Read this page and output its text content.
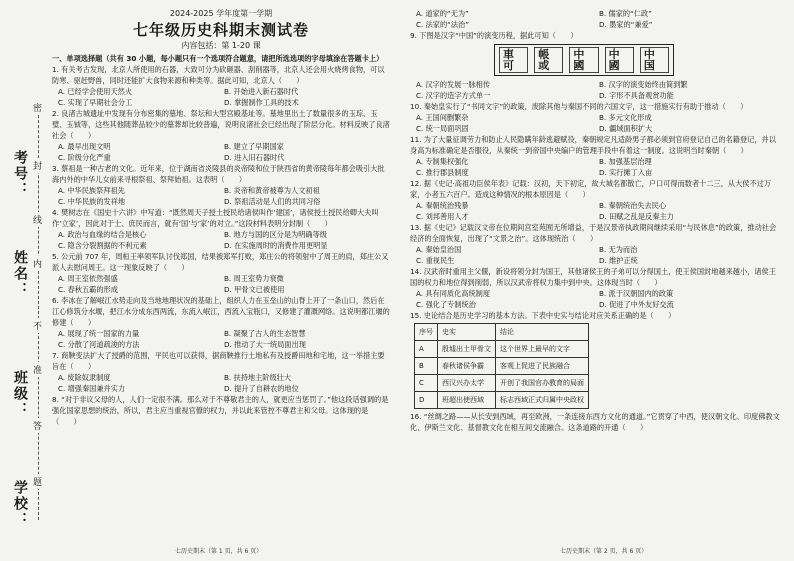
考号：
姓名：
班级：
学校：
密
封
线
内
不
准
答
题
2024-2025 学年度第一学期
七年级历史科期末测试卷
内容包括：第 1-20 课
一、单项选择题（共有 30 小题，每小题只有一个选项符合题意，请把所选选项的字母填涂在答题卡上）

1. 有关考古发现，北京人所使用的石器，大致可分为砍砸器、刮削器等，北京人还会用火烧烤食物，可以防寒、驱赶野兽，同时还能扩大食物来源和种类等。据此可知，北京人（　　）

A. 已经学会使用天然火	B. 开始进入新石器时代
C. 实现了早期社会分工	D. 掌握制作工具的技术

2. 良渚古城遗址中发现有分布密集的墓地、祭坛和大型宫殿基址等。墓地里出土了数量很多的玉琮、玉璧、玉钺等，这些其他随葬品较少的墓葬却比较普遍，说明良渚社会已经出现了阶层分化。材料反映了良渚社会（　　）

A. 最早出现文明	B. 建立了早期国家
C. 阶级分化严重	D. 进入旧石器时代

3. 蔡祖是一种古老的文化。近年来，位于湖南省炎陵县的炎帝陵和位于陕西省的黄帝陵每年都会吸引大批海内外的中华儿女前来寻根祭祖、祭拜始祖。这表明（　　）

A. 中华民族祭拜祖先	B. 炎帝和黄帝被尊为人文初祖
C. 中华民族的发祥地	D. 祭祖活动是人们的共同习俗

4. 樊树志在《国史十六讲》中写道：“既然周天子授土授民给诸侯叫作‘建国’，诸侯授土授民给卿大夫叫作‘立家’，因此对于士、庶民而言，就有‘国’与‘家’的对立。”这段材料表明分封制（　　）

A. 政治与血缘的结合是核心	B. 地方与国的区分是为明确等级
C. 隐含分裂割据的不利元素	D. 在实施周时的消费作用更明显

5. 公元前 707 年，周桓王率领军队讨伐郑国，结果被郑军打败，郑庄公的将领射中了周王的肩，郑庄公又派人去慰问周王。这一现象反映了（　　）

A. 周王室依然强盛	B. 周王室势力衰微
C. 春秋五霸的形成	D. 甲骨文已被使用

6. 李冰在了解岷江水势走向及当地地理状况的基础上，组织人力在玉垒山的山脊上开了一条山口，然后在江心修筑分水堰，把江水分成东西两流，东流入岷江，西流入宝瓶口，又修建了灌溉网络。这说明都江堰的修建（　　）

A. 展现了统一国家的力量	B. 凝聚了古人的生态智慧
C. 分散了河道疏浚的方法	D. 推动了大一统局面出现

7. 商鞅变法扩大了授爵的范围，平民也可以获得，据商鞅推行土地私有及授爵田地和宅地，这一举措主要旨在（　　）

A. 废除奴隶制度	B. 扶持地主阶级壮大
C. 增强秦国兼并实力	D. 提升了自耕农的地位

8. “对于非议父母的人，人们一定很不满。那么对于不尊敬君主的人，就更应当惩罚了。”他这段话强调的是强化国家思想的统治，所以，君主应当重视官僚的权力，并以此来管控不尊君主和父母。这体现的是（　　）

七历史期末（第 1 页，共 6 页）
A. 道家的“无为”	B. 儒家的“仁政”
C. 法家的“法治”	D. 墨家的“兼爱”

9. 下图是汉字“中国”的演变历程，据此可知（　　）

車可
帳或
中國
中國
中国
A. 汉字的发展一脉相传	B. 汉字的演变始终由简到繁
C. 汉字的造字方式单一	D. 字形不具备观赏功能

10. 秦始皇实行了“书同文字”的政策，废除其他与秦国不同的六国文字，这一措施实行有助于推动（　　）

A. 王国间删繁杂	B. 多元文化形成
C. 统一局面巩固	D. 疆域面积扩大

11. 为了大量征调劳力和防止人民隐瞒年龄逃避赋役，秦朝规定凡适龄男子都必须到官府登记自己的名籍登记，并以身高为标准确定是否服役，从秦统一到帝国中央编户的管理手段中有着这一制度。这说明当时秦朝（　　）

A. 专制集权强化	B. 加强基层治理
C. 推行郡县制度	D. 实行摊丁入亩

12. 据《史记·高祖功臣侯年表》记载：汉初，天下初定，故大城名都散亡，户口可得而数者十二三，从大侯不过万家，小者五六百户。造成这种情况的根本原因是（　　）

A. 秦朝统治残暴	B. 秦朝统治失去民心
C. 刘邦善用人才	D. 田赋之乱是反秦主力

13. 据《史记》记载汉文帝在位期间宫室苑囿无所增益，于是汉景帝执政期间继续采用“与民休息”的政策，推动社会经济的全面恢复，出现了“文景之治”。这体现统治（　　）

A. 秦始皇治国	B. 无为而治
C. 重视民生	D. 维护正统

14. 汉武帝时重用主父偃，新设将领分封为国王，其他诸侯王的子弟可以分得国土，使王侯国封地越来越小，诸侯王国的权力和地位得到削弱，所以汉武帝将权力集中到中央。这体现当时（　　）

A. 具有同质化高统制度	B. 派于汉朝国内的政策
C. 强化了专制统治	D. 促进了中外友好交流

15. 史论结合是历史学习的基本方法。下表中史实与结论对应关系正确的是（　　）

序号	史实	结论
A	殷墟出土甲骨文	这个世界上最早的文字
B	春秋诸侯争霸	客观上促进了民族融合
C	西汉兴办太学	开创了我国官办教育的局面
D	班超出使西域	标志西域正式归属中央政权

16. “丝绸之路——从长安到西域，再至欧洲，一条连接东西方文化的通道。”它贯穿了中西，使汉朝文化、印度佛教文化、伊斯兰文化、基督教文化在相互间交流融合。这条道路的开通（　　）

七历史期末（第 2 页，共 6 页）
